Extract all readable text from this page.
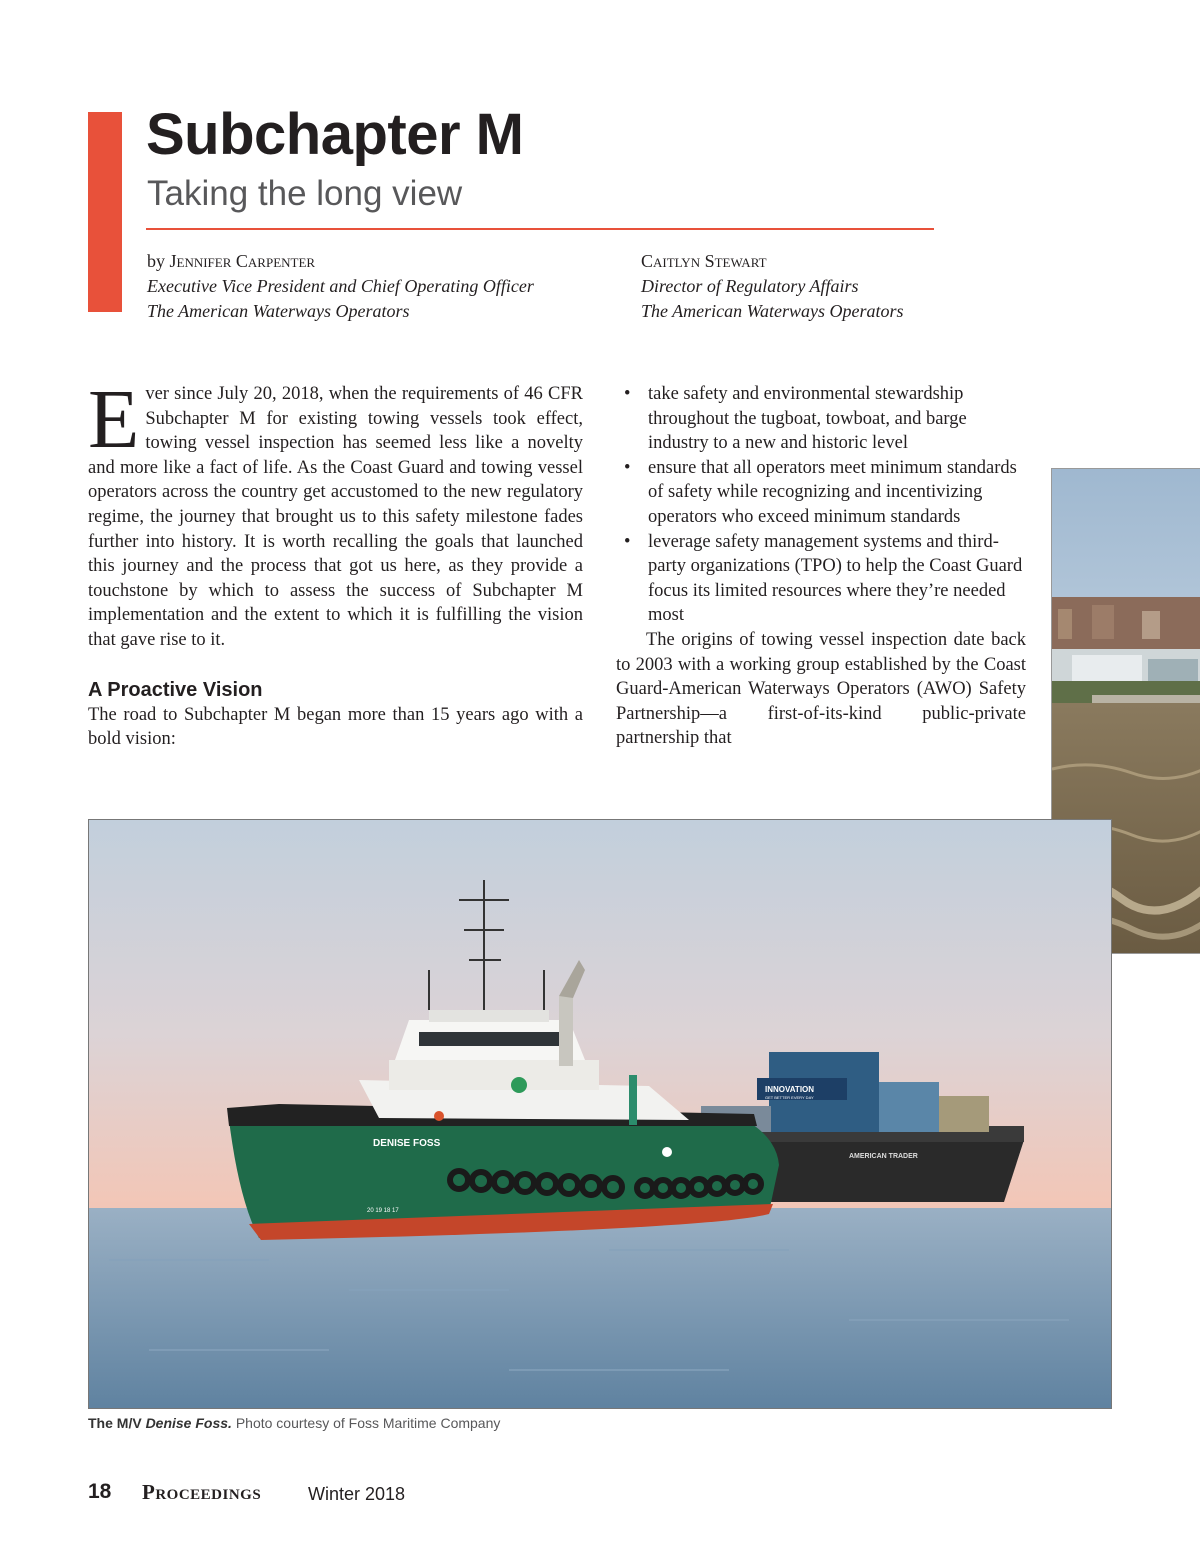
Subchapter M
Taking the long view
by Jennifer Carpenter
Executive Vice President and Chief Operating Officer
The American Waterways Operators
Caitlyn Stewart
Director of Regulatory Affairs
The American Waterways Operators

Ever since July 20, 2018, when the requirements of 46 CFR Subchapter M for existing towing vessels took effect, towing vessel inspection has seemed less like a novelty and more like a fact of life. As the Coast Guard and towing vessel operators across the country get accustomed to the new regulatory regime, the journey that brought us to this safety milestone fades further into history. It is worth recalling the goals that launched this journey and the process that got us here, as they provide a touchstone by which to assess the success of Subchapter M implementation and the extent to which it is fulfilling the vision that gave rise to it.

A Proactive Vision

The road to Subchapter M began more than 15 years ago with a bold vision:

• take safety and environmental stewardship throughout the tugboat, towboat, and barge industry to a new and historic level
• ensure that all operators meet minimum standards of safety while recognizing and incentivizing operators who exceed minimum standards
• leverage safety management systems and third-party organizations (TPO) to help the Coast Guard focus its limited resources where they’re needed most

The origins of towing vessel inspection date back to 2003 with a working group established by the Coast Guard-American Waterways Operators (AWO) Safety Partnership—a first-of-its-kind public-private partnership that

INNOVATION
GET BETTER EVERY DAY
AMERICAN TRADER
DENISE FOSS
20 19 18 17
The M/V Denise Foss. Photo courtesy of Foss Maritime Company
18 Proceedings	Winter 2018
